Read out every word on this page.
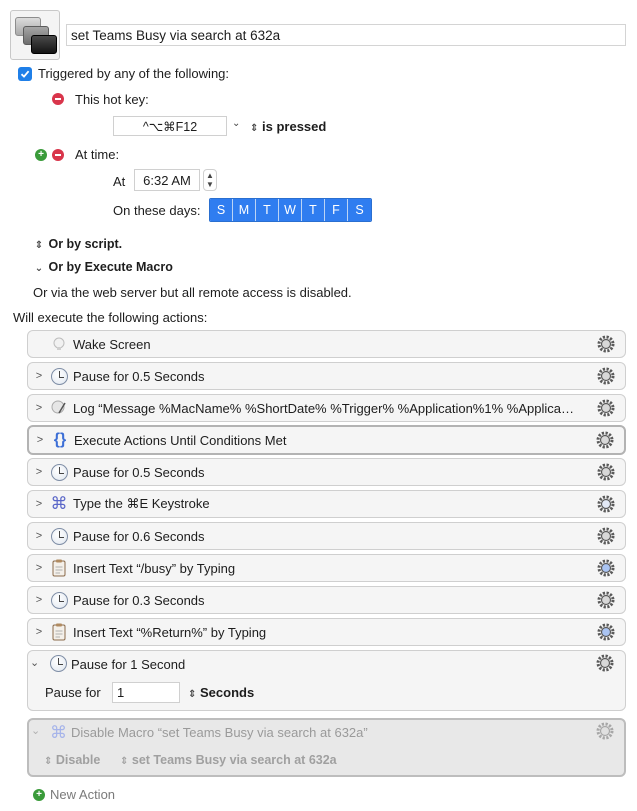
set Teams Busy via search at 632a
Triggered by any of the following:
This hot key:
^⌥⌘F12	⌄ ⇕ is pressed
+ At time:
At	6:32 AM	▲
▼
On these days:	S	M	T	W	T	F	S
⇕ Or by script.
⌄ Or by Execute Macro
Or via the web server but all remote access is disabled.
Will execute the following actions:
Wake Screen
>	Pause for 0.5 Seconds
>	Log “Message %MacName% %ShortDate% %Trigger% %Application%1% %Applica…
> {} Execute Actions Until Conditions Met
>	Pause for 0.5 Seconds
> ⌘ Type the ⌘E Keystroke
>	Pause for 0.6 Seconds
>	Insert Text “/busy” by Typing
>	Pause for 0.3 Seconds
>	Insert Text “%Return%” by Typing
⌄ Pause for 1 Second
Pause for	1	⇕ Seconds
⌄ ⌘ Disable Macro “set Teams Busy via search at 632a”
⇕ Disable ⇕ set Teams Busy via search at 632a
+ New Action
